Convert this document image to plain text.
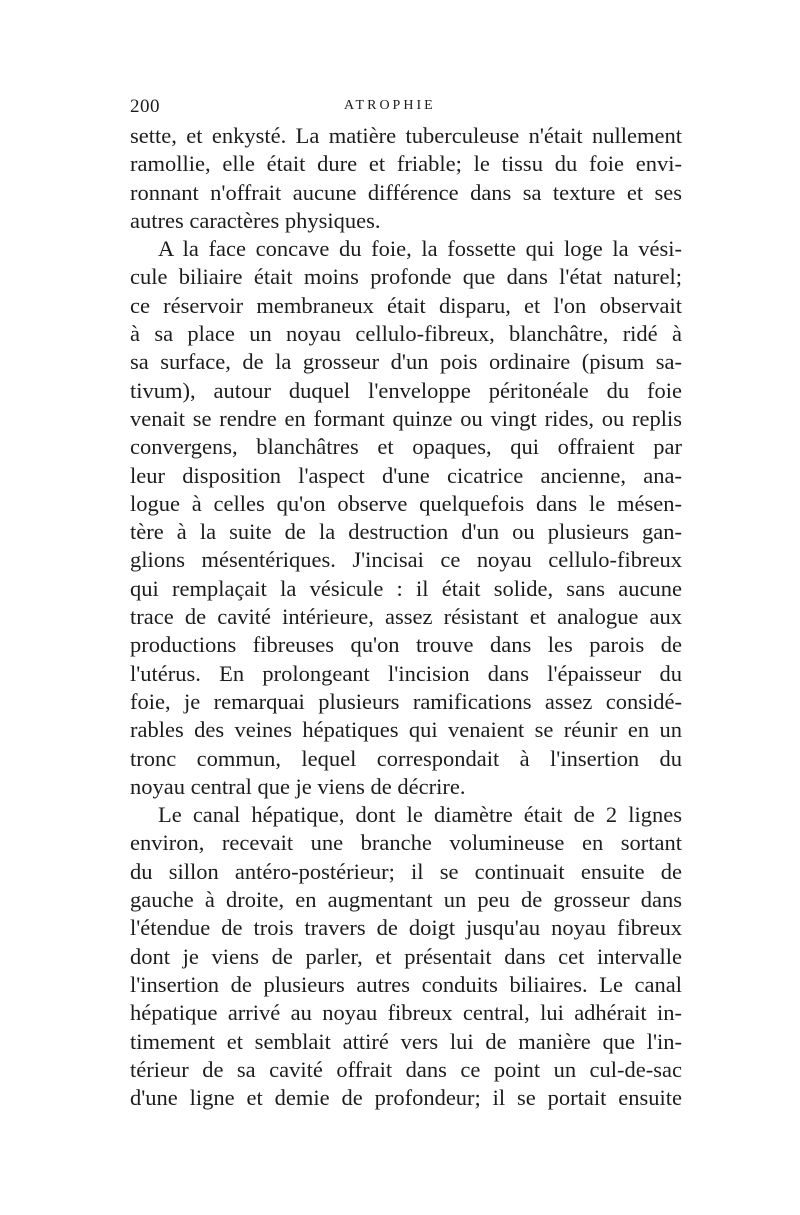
200	ATROPHIE
sette, et enkysté. La matière tuberculeuse n'était nullement
ramollie, elle était dure et friable; le tissu du foie envi-
ronnant n'offrait aucune différence dans sa texture et ses
autres caractères physiques.
A la face concave du foie, la fossette qui loge la vési-
cule biliaire était moins profonde que dans l'état naturel;
ce réservoir membraneux était disparu, et l'on observait
à sa place un noyau cellulo-fibreux, blanchâtre, ridé à
sa surface, de la grosseur d'un pois ordinaire (pisum sa-
tivum), autour duquel l'enveloppe péritonéale du foie
venait se rendre en formant quinze ou vingt rides, ou replis
convergens, blanchâtres et opaques, qui offraient par
leur disposition l'aspect d'une cicatrice ancienne, ana-
logue à celles qu'on observe quelquefois dans le mésen-
tère à la suite de la destruction d'un ou plusieurs gan-
glions mésentériques. J'incisai ce noyau cellulo-fibreux
qui remplaçait la vésicule : il était solide, sans aucune
trace de cavité intérieure, assez résistant et analogue aux
productions fibreuses qu'on trouve dans les parois de
l'utérus. En prolongeant l'incision dans l'épaisseur du
foie, je remarquai plusieurs ramifications assez considé-
rables des veines hépatiques qui venaient se réunir en un
tronc commun, lequel correspondait à l'insertion du
noyau central que je viens de décrire.
Le canal hépatique, dont le diamètre était de 2 lignes
environ, recevait une branche volumineuse en sortant
du sillon antéro-postérieur; il se continuait ensuite de
gauche à droite, en augmentant un peu de grosseur dans
l'étendue de trois travers de doigt jusqu'au noyau fibreux
dont je viens de parler, et présentait dans cet intervalle
l'insertion de plusieurs autres conduits biliaires. Le canal
hépatique arrivé au noyau fibreux central, lui adhérait in-
timement et semblait attiré vers lui de manière que l'in-
térieur de sa cavité offrait dans ce point un cul-de-sac
d'une ligne et demie de profondeur; il se portait ensuite
